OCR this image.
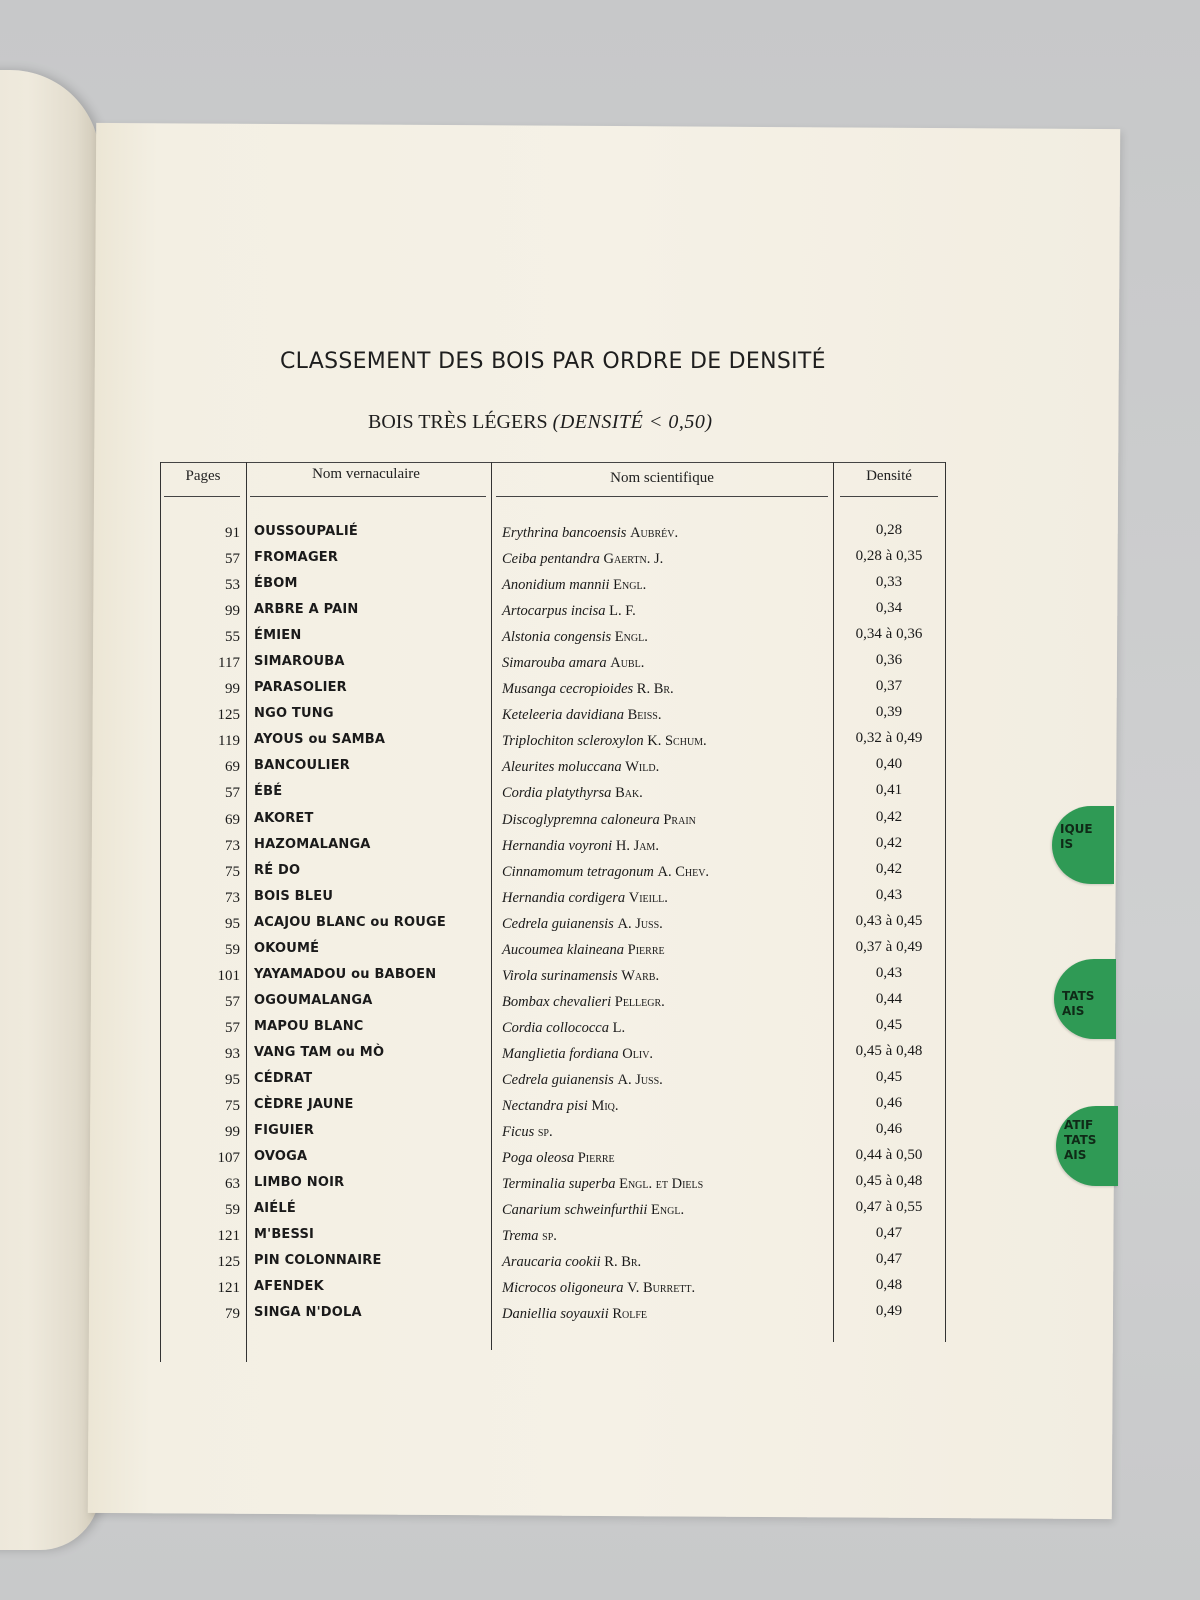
IQUE
IS
TATS
AIS
ATIF
TATS
AIS
CLASSEMENT DES BOIS PAR ORDRE DE DENSITÉ
BOIS TRÈS LÉGERS (DENSITÉ < 0,50)
Pages	Nom vernaculaire	Nom scientifique	Densité
91 OUSSOUPALIÉ	Erythrina bancoensis Aubrév.	0,28
57 FROMAGER	Ceiba pentandra Gaertn. J.	0,28 à 0,35
53 ÉBOM	Anonidium mannii Engl.	0,33
99 ARBRE A PAIN	Artocarpus incisa L. F.	0,34
55 ÉMIEN	Alstonia congensis Engl.	0,34 à 0,36
117 SIMAROUBA	Simarouba amara Aubl.	0,36
99 PARASOLIER	Musanga cecropioides R. Br.	0,37
125 NGO TUNG	Keteleeria davidiana Beiss.	0,39
119 AYOUS ou SAMBA	Triplochiton scleroxylon K. Schum.	0,32 à 0,49
69 BANCOULIER	Aleurites moluccana Wild.	0,40
57 ÉBÉ	Cordia platythyrsa Bak.	0,41
69 AKORET	Discoglypremna caloneura Prain	0,42
73 HAZOMALANGA	Hernandia voyroni H. Jam.	0,42
75 RÉ DO	Cinnamomum tetragonum A. Chev.	0,42
73 BOIS BLEU	Hernandia cordigera Vieill.	0,43
95 ACAJOU BLANC ou ROUGE	Cedrela guianensis A. Juss.	0,43 à 0,45
59 OKOUMÉ	Aucoumea klaineana Pierre	0,37 à 0,49
101 YAYAMADOU ou BABOEN	Virola surinamensis Warb.	0,43
57 OGOUMALANGA	Bombax chevalieri Pellegr.	0,44
57 MAPOU BLANC	Cordia collococca L.	0,45
93 VANG TAM ou MÒ	Manglietia fordiana Oliv.	0,45 à 0,48
95 CÉDRAT	Cedrela guianensis A. Juss.	0,45
75 CÈDRE JAUNE	Nectandra pisi Miq.	0,46
99 FIGUIER	Ficus sp.	0,46
107 OVOGA	Poga oleosa Pierre	0,44 à 0,50
63 LIMBO NOIR	Terminalia superba Engl. et Diels	0,45 à 0,48
59 AIÉLÉ	Canarium schweinfurthii Engl.	0,47 à 0,55
121 M'BESSI	Trema sp.	0,47
125 PIN COLONNAIRE	Araucaria cookii R. Br.	0,47
121 AFENDEK	Microcos oligoneura V. Burrett.	0,48
79 SINGA N'DOLA	Daniellia soyauxii Rolfe	0,49
